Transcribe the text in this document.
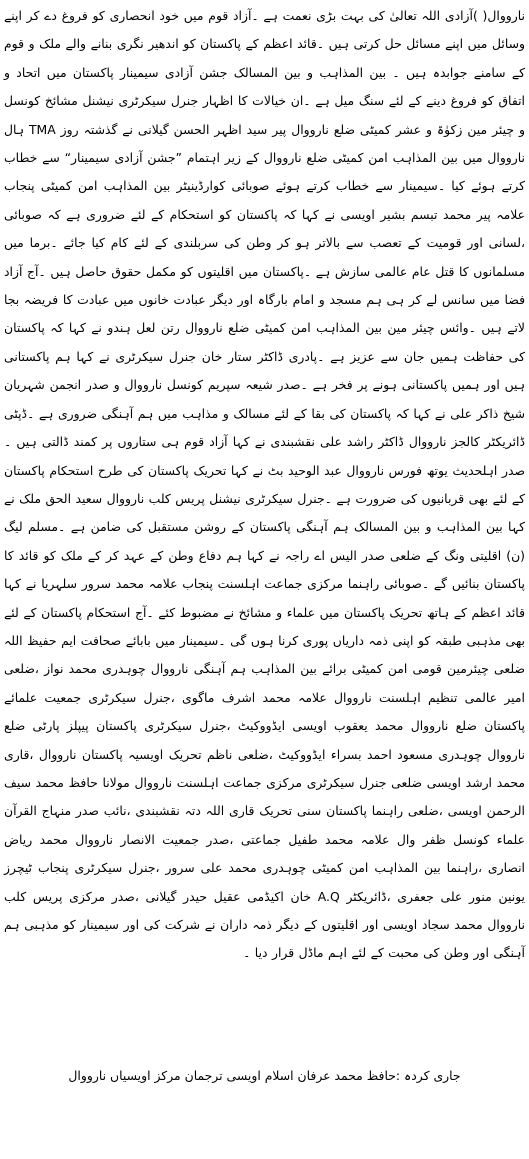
نارووال( )آزادی اللہ تعالیٰ کی بہت بڑی نعمت ہے ۔آزاد قوم میں خود انحصاری کو فروغ دے کر اپنے وسائل میں اپنے مسائل حل کرتی ہیں ۔قائد اعظم کے پاکستان کو اندھیر نگری بنانے والے ملک و قوم کے سامنے جوابدہ ہیں ۔ بین المذاہب و بین المسالک جشن آزادی سیمینار پاکستان میں اتحاد و اتفاق کو فروغ دینے کے لئے سنگ میل ہے ۔ان خیالات کا اظہار جنرل سیکرٹری نیشنل مشائخ کونسل و چیئر مین زکوٰۃ و عشر کمیٹی ضلع نارووال پیر سید اظہر الحسن گیلانی نے گذشتہ روز TMA ہال نارووال میں بین المذاہب امن کمیٹی ضلع نارووال کے زیر اہتمام ”جشن آزادی سیمینار“ سے خطاب کرتے ہوئے کیا ۔سیمینار سے خطاب کرتے ہوئے صوبائی کوارڈینیٹر بین المذاہب امن کمیٹی پنجاب علامہ پیر محمد تبسم بشیر اویسی نے کہا کہ پاکستان کو استحکام کے لئے ضروری ہے کہ صوبائی ،لسانی اور قومیت کے تعصب سے بالاتر ہو کر وطن کی سربلندی کے لئے کام کیا جائے ۔برما میں مسلمانوں کا قتل عام عالمی سازش ہے ۔پاکستان میں اقلیتوں کو مکمل حقوق حاصل ہیں ۔آج آزاد فضا میں سانس لے کر ہی ہم مسجد و امام بارگاہ اور دیگر عبادت خانوں میں عبادت کا فریضہ بجا لاتے ہیں ۔وائس چیئر مین بین المذاہب امن کمیٹی ضلع نارووال رتن لعل ہندو نے کہا کہ پاکستان کی حفاظت ہمیں جان سے عزیز ہے ۔پادری ڈاکٹر ستار خان جنرل سیکرٹری نے کہا ہم پاکستانی ہیں اور ہمیں پاکستانی ہونے پر فخر ہے ۔صدر شیعہ سپریم کونسل نارووال و صدر انجمن شہریان شیخ ذاکر علی نے کہا کہ پاکستان کی بقا کے لئے مسالک و مذاہب میں ہم آہنگی ضروری ہے ۔ڈپٹی ڈائریکٹر کالجز نارووال ڈاکٹر راشد علی نقشبندی نے کہا آزاد قوم ہی ستاروں پر کمند ڈالتی ہیں ۔صدر اہلحدیث یوتھ فورس نارووال عبد الوحید بٹ نے کہا تحریک پاکستان کی طرح استحکام پاکستان کے لئے بھی قربانیوں کی ضرورت ہے ۔جنرل سیکرٹری نیشنل پریس کلب نارووال سعید الحق ملک نے کہا بین المذاہب و بین المسالک ہم آہنگی پاکستان کے روشن مستقبل کی ضامن ہے ۔مسلم لیگ (ن) اقلیتی ونگ کے ضلعی صدر الیس اے راجہ نے کہا ہم دفاع وطن کے عہد کر کے ملک کو قائد کا پاکستان بنائیں گے ۔صوبائی راہنما مرکزی جماعت اہلسنت پنجاب علامہ محمد سرور سلہریا نے کہا قائد اعظم کے ہاتھ تحریک پاکستان میں علماء و مشائخ نے مضبوط کئے ۔آج استحکام پاکستان کے لئے بھی مذہبی طبقہ کو اپنی ذمہ داریاں پوری کرنا ہوں گی ۔سیمینار میں بابائے صحافت ایم حفیظ اللہ ضلعی چیئرمین قومی امن کمیٹی برائے بین المذاہب ہم آہنگی نارووال چوہدری محمد نواز ،ضلعی امیر عالمی تنظیم اہلسنت نارووال علامہ محمد اشرف ماگوی ،جنرل سیکرٹری جمعیت علمائے پاکستان ضلع نارووال محمد یعقوب اویسی ایڈووکیٹ ،جنرل سیکرٹری پاکستان پیپلز پارٹی ضلع نارووال چوہدری مسعود احمد بسراء ایڈووکیٹ ،ضلعی ناظم تحریک اویسیہ پاکستان نارووال ،قاری محمد ارشد اویسی ضلعی جنرل سیکرٹری مرکزی جماعت اہلسنت نارووال مولانا حافظ محمد سیف الرحمن اویسی ،ضلعی راہنما پاکستان سنی تحریک قاری اللہ دتہ نقشبندی ،نائب صدر منہاج القرآن علماء کونسل ظفر وال علامہ محمد طفیل جماعتی ،صدر جمعیت الانصار نارووال محمد ریاض انصاری ،راہنما بین المذاہب امن کمیٹی چوہدری محمد علی سرور ،جنرل سیکرٹری پنجاب ٹیچرز یونین منور علی جعفری ،ڈائریکٹر A.Q خان اکیڈمی عقیل حیدر گیلانی ،صدر مرکزی پریس کلب نارووال محمد سجاد اویسی اور اقلیتوں کے دیگر ذمہ داران نے شرکت کی اور سیمینار کو مذہبی ہم آہنگی اور وطن کی محبت کے لئے اہم ماڈل قرار دیا ۔

جاری کردہ :حافظ محمد عرفان اسلام اویسی ترجمان مرکز اویسیاں نارووال
